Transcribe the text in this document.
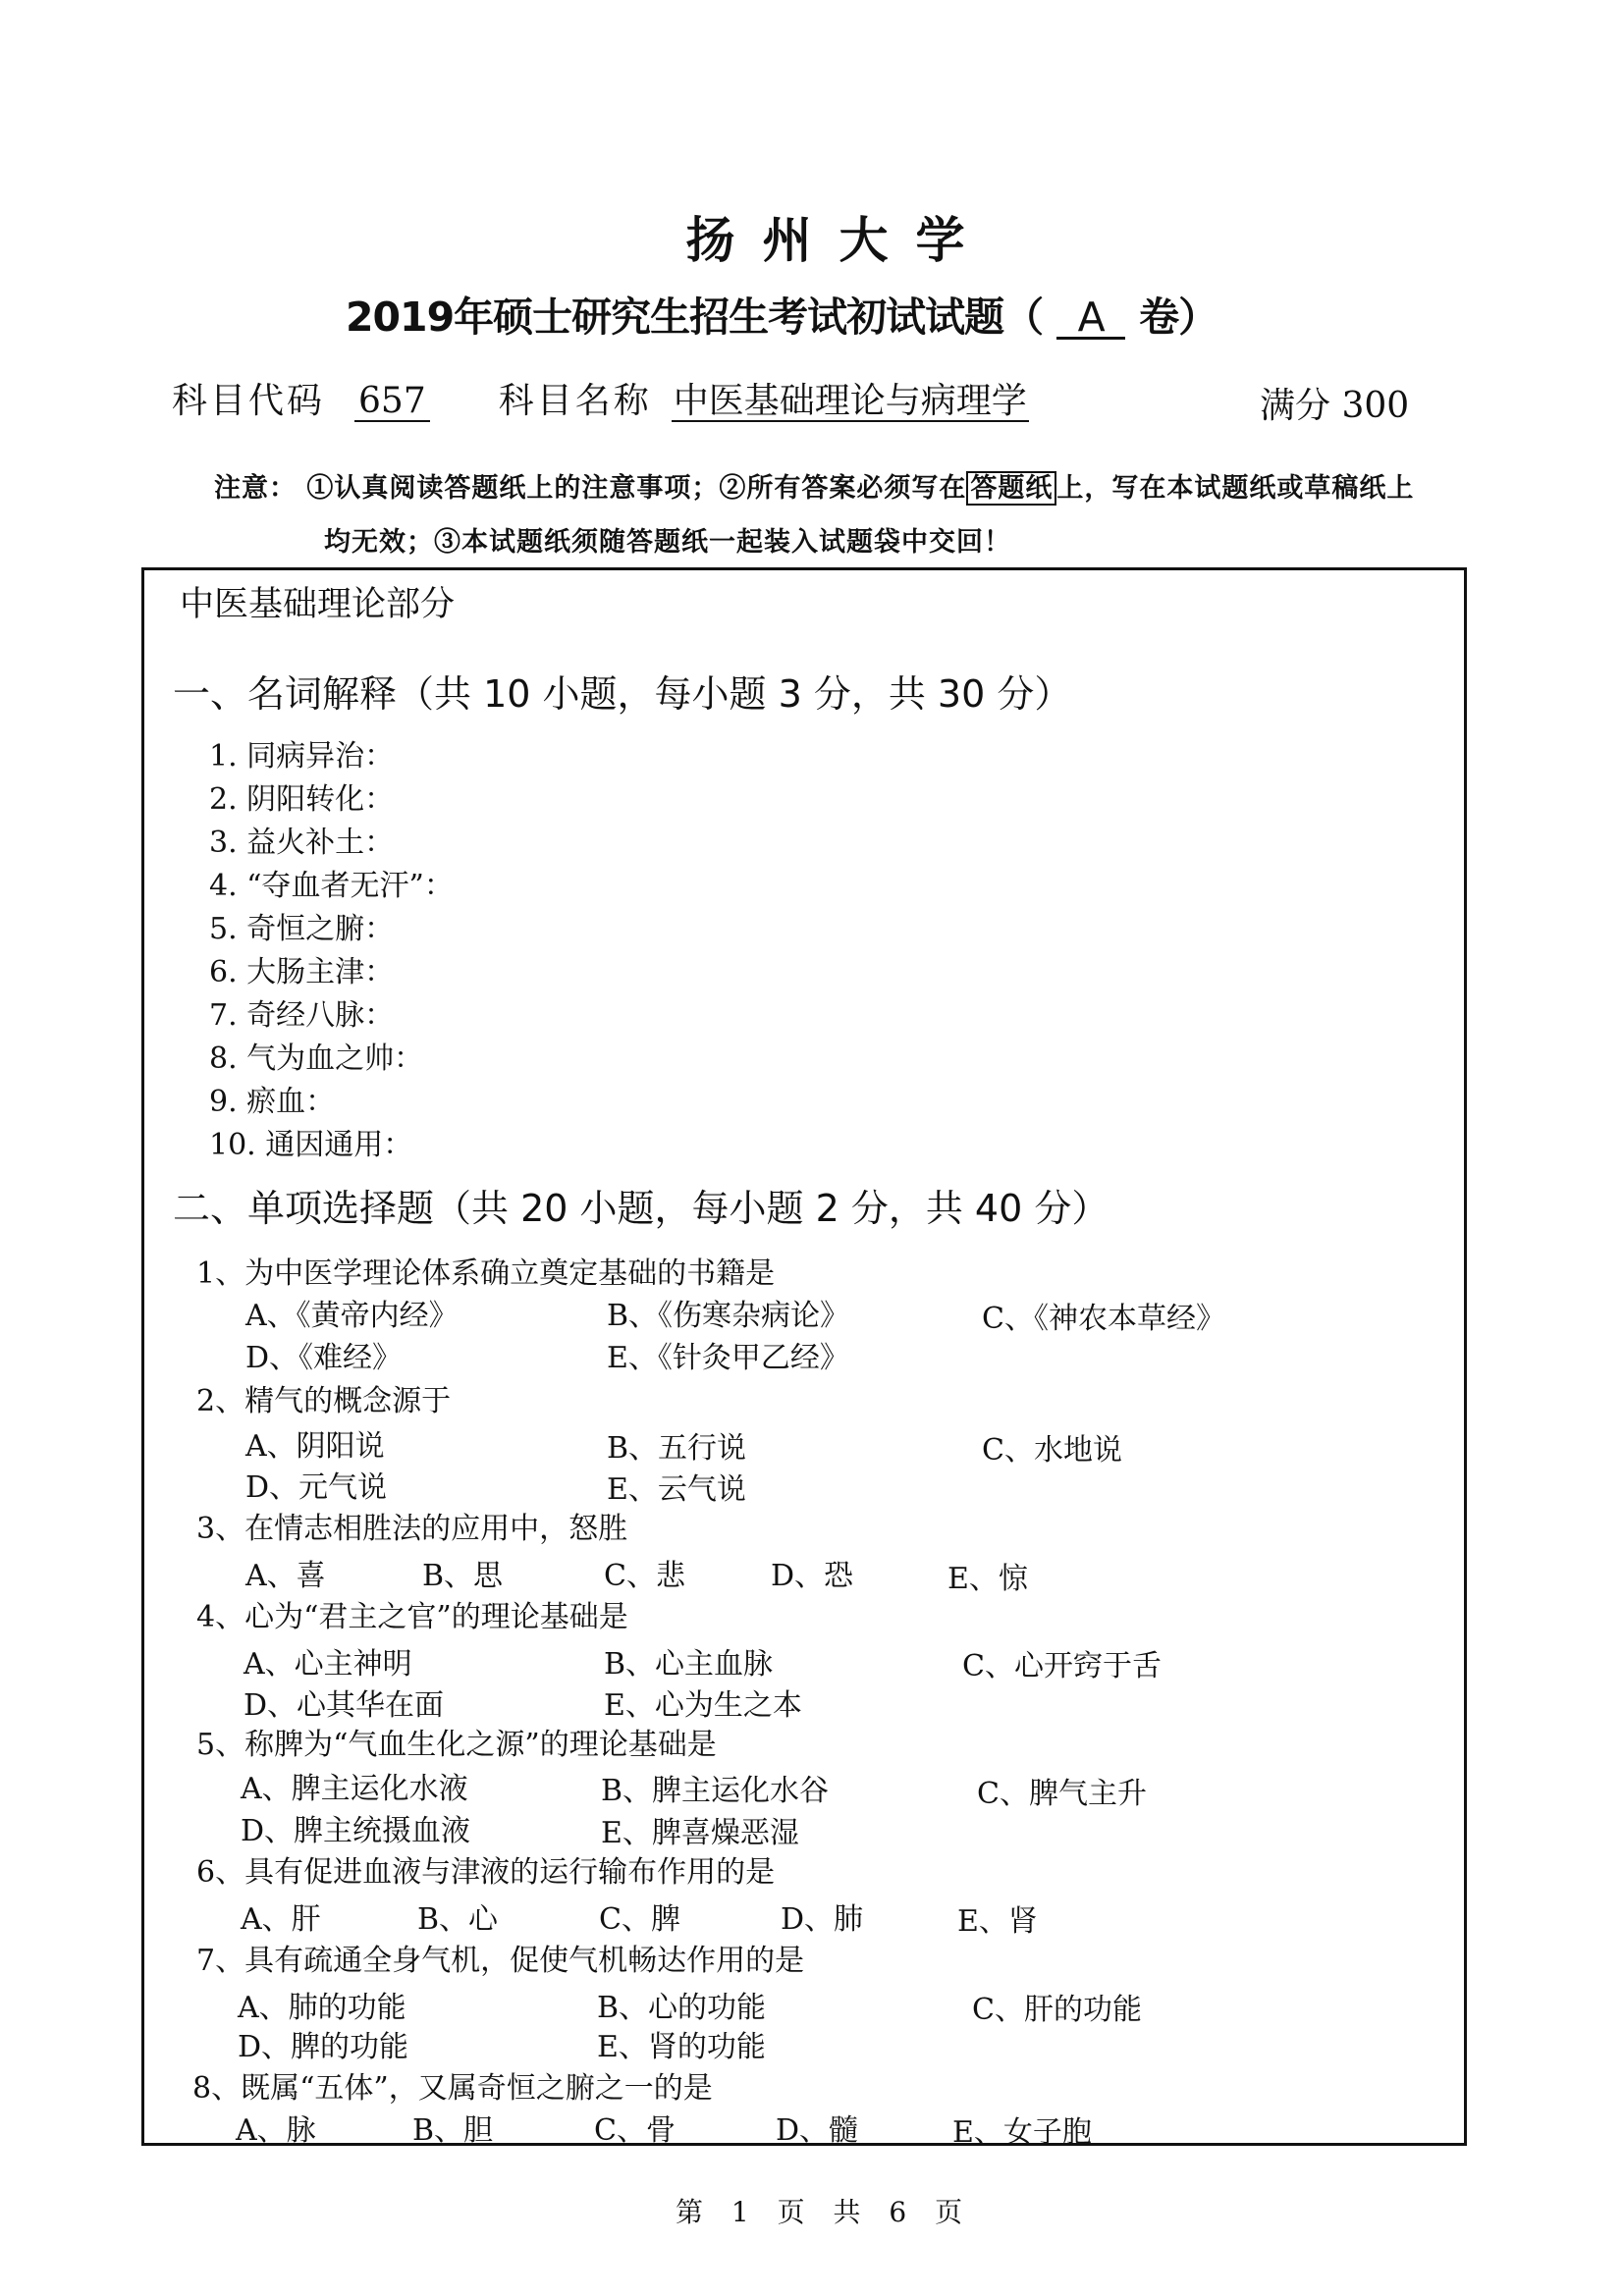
扬州大学
2019年硕士研究生招生考试初试试题（ A 卷）
科目代码 657 科目名称 中医基础理论与病理学	满分 300
注意： ①认真阅读答题纸上的注意事项；②所有答案必须写在 答题纸 上，写在本试题纸或草稿纸上
均无效；③本试题纸须随答题纸一起装入试题袋中交回！
中医基础理论部分
一、名词解释（共 10 小题，每小题 3 分，共 30 分）
1. 同病异治：
2. 阴阳转化：
3. 益火补土：
4. “夺血者无汗”：
5. 奇恒之腑：
6. 大肠主津：
7. 奇经八脉：
8. 气为血之帅：
9. 瘀血：
10. 通因通用：
二、单项选择题（共 20 小题，每小题 2 分，共 40 分）
1、为中医学理论体系确立奠定基础的书籍是
A、《黄帝内经》	B、《伤寒杂病论》	C、《神农本草经》
D、《难经》	E、《针灸甲乙经》
2、精气的概念源于
A、阴阳说	B、五行说	C、水地说
D、元气说	E、云气说
3、在情志相胜法的应用中，怒胜
A、喜	B、思	C、悲	D、恐	E、惊
4、心为“君主之官”的理论基础是
A、心主神明	B、心主血脉	C、心开窍于舌
D、心其华在面	E、心为生之本
5、称脾为“气血生化之源”的理论基础是
A、脾主运化水液	B、脾主运化水谷	C、脾气主升
D、脾主统摄血液	E、脾喜燥恶湿
6、具有促进血液与津液的运行输布作用的是
A、肝	B、心	C、脾	D、肺	E、肾
7、具有疏通全身气机，促使气机畅达作用的是
A、肺的功能	B、心的功能	C、肝的功能
D、脾的功能	E、肾的功能
8、既属“五体”，又属奇恒之腑之一的是
A、脉	B、胆	C、骨	D、髓	E、女子胞
第 1 页 共 6 页
